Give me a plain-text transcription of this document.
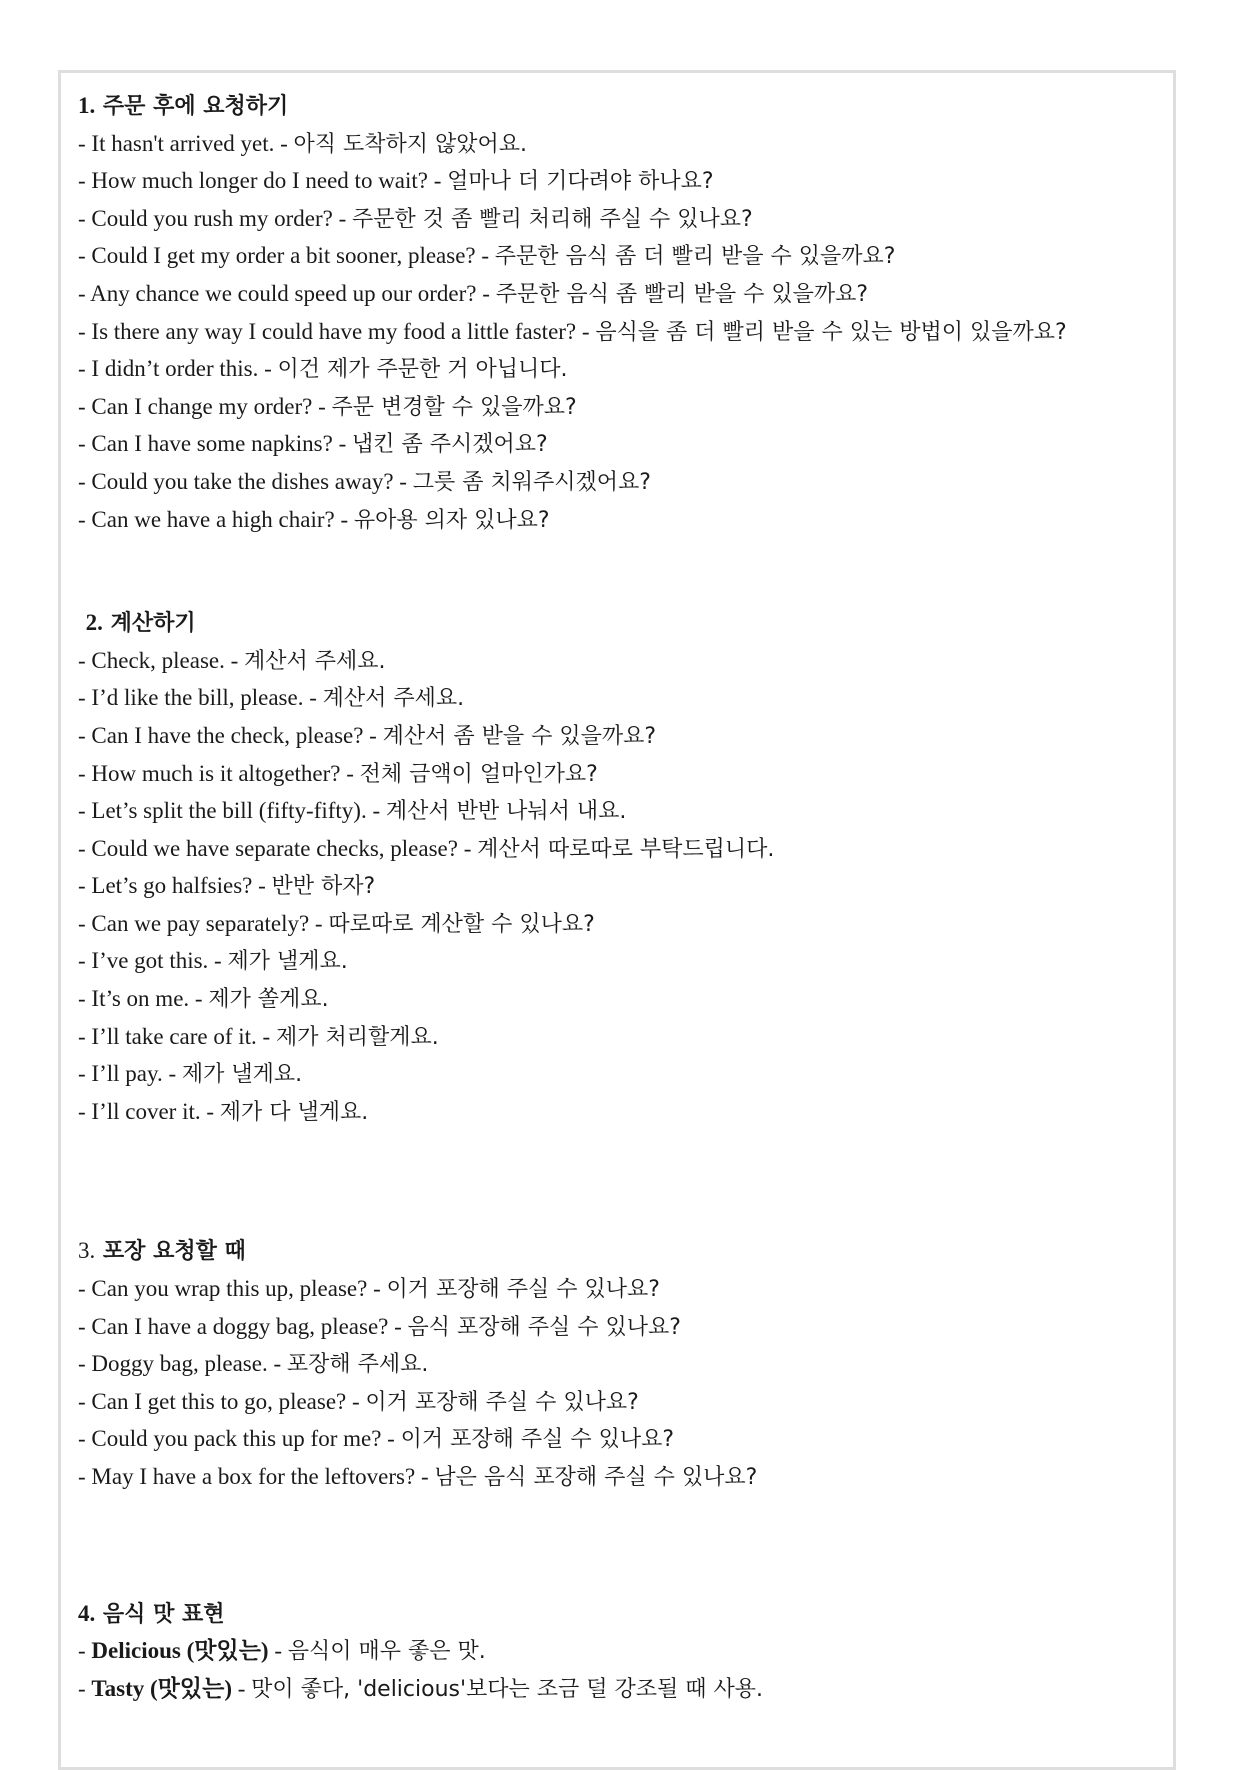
1. 주문 후에 요청하기

- It hasn't arrived yet. - 아직 도착하지 않았어요.

- How much longer do I need to wait? - 얼마나 더 기다려야 하나요?

- Could you rush my order? - 주문한 것 좀 빨리 처리해 주실 수 있나요?

- Could I get my order a bit sooner, please? - 주문한 음식 좀 더 빨리 받을 수 있을까요?

- Any chance we could speed up our order? - 주문한 음식 좀 빨리 받을 수 있을까요?

- Is there any way I could have my food a little faster? - 음식을 좀 더 빨리 받을 수 있는 방법이 있을까요?

- I didn’t order this. - 이건 제가 주문한 거 아닙니다.

- Can I change my order? - 주문 변경할 수 있을까요?

- Can I have some napkins? - 냅킨 좀 주시겠어요?

- Could you take the dishes away? - 그릇 좀 치워주시겠어요?

- Can we have a high chair? - 유아용 의자 있나요?

2. 계산하기

- Check, please. - 계산서 주세요.

- I’d like the bill, please. - 계산서 주세요.

- Can I have the check, please? - 계산서 좀 받을 수 있을까요?

- How much is it altogether? - 전체 금액이 얼마인가요?

- Let’s split the bill (fifty-fifty). - 계산서 반반 나눠서 내요.

- Could we have separate checks, please? - 계산서 따로따로 부탁드립니다.

- Let’s go halfsies? - 반반 하자?

- Can we pay separately? - 따로따로 계산할 수 있나요?

- I’ve got this. - 제가 낼게요.

- It’s on me. - 제가 쏠게요.

- I’ll take care of it. - 제가 처리할게요.

- I’ll pay. - 제가 낼게요.

- I’ll cover it. - 제가 다 낼게요.

3. 포장 요청할 때

- Can you wrap this up, please? - 이거 포장해 주실 수 있나요?

- Can I have a doggy bag, please? - 음식 포장해 주실 수 있나요?

- Doggy bag, please. - 포장해 주세요.

- Can I get this to go, please? - 이거 포장해 주실 수 있나요?

- Could you pack this up for me? - 이거 포장해 주실 수 있나요?

- May I have a box for the leftovers? - 남은 음식 포장해 주실 수 있나요?

4. 음식 맛 표현

- Delicious (맛있는) - 음식이 매우 좋은 맛.

- Tasty (맛있는) - 맛이 좋다, 'delicious'보다는 조금 덜 강조될 때 사용.
